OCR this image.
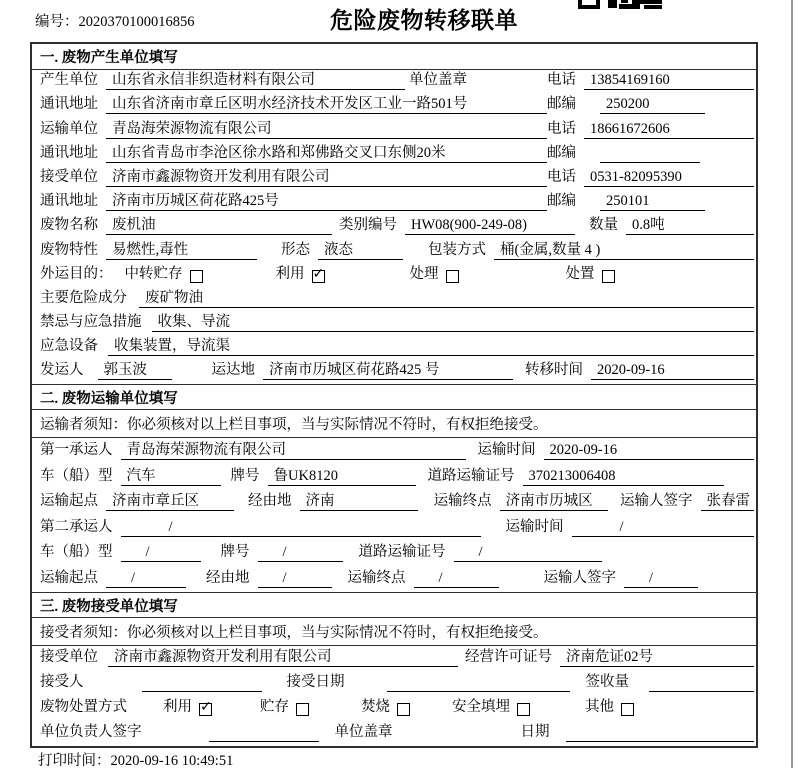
编号：2020370100016856	危险废物转移联单
一. 废物产生单位填写
产生单位 山东省永信非织造材料有限公司	单位盖章	电话 13854169160
通讯地址 山东省济南市章丘区明水经济技术开发区工业一路501号	邮编	250200
运输单位 青岛海荣源物流有限公司	电话 18661672606
通讯地址 山东省青岛市李沧区徐水路和郑佛路交叉口东侧20米	邮编
接受单位 济南市鑫源物资开发利用有限公司	电话 0531-82095390
通讯地址 济南市历城区荷花路425号	邮编	250101
废物名称 废机油	类别编号 HW08(900-249-08)	数量 0.8吨
废物特性 易燃性,毒性	形态 液态	包装方式 桶(金属,数量 4 )
外运目的： 中转贮存	利用 ✓	处理	处置
主要危险成分	废矿物油
禁忌与应急措施	收集、导流
应急设备	收集装置，导流渠
发运人	郭玉波	运达地 济南市历城区荷花路425 号	转移时间 2020-09-16
二. 废物运输单位填写
运输者须知：你必须核对以上栏目事项，当与实际情况不符时，有权拒绝接受。
第一承运人 青岛海荣源物流有限公司	运输时间 2020-09-16
车（船）型 汽车	牌号 鲁UK8120	道路运输证号 370213006408
运输起点 济南市章丘区	经由地 济南	运输终点 济南市历城区	运输人签字 张春雷
第二承运人	/	运输时间	/
车（船）型	/	牌号	/	道路运输证号	/
运输起点	/	经由地	/	运输终点	/	运输人签字	/
三. 废物接受单位填写
接受者须知：你必须核对以上栏目事项，当与实际情况不符时，有权拒绝接受。
接受单位	济南市鑫源物资开发利用有限公司	经营许可证号 济南危证02号
接受人	接受日期	签收量
废物处置方式 利用 ✓	贮存	焚烧	安全填埋	其他
单位负责人签字	单位盖章	日期
打印时间：2020-09-16 10:49:51
